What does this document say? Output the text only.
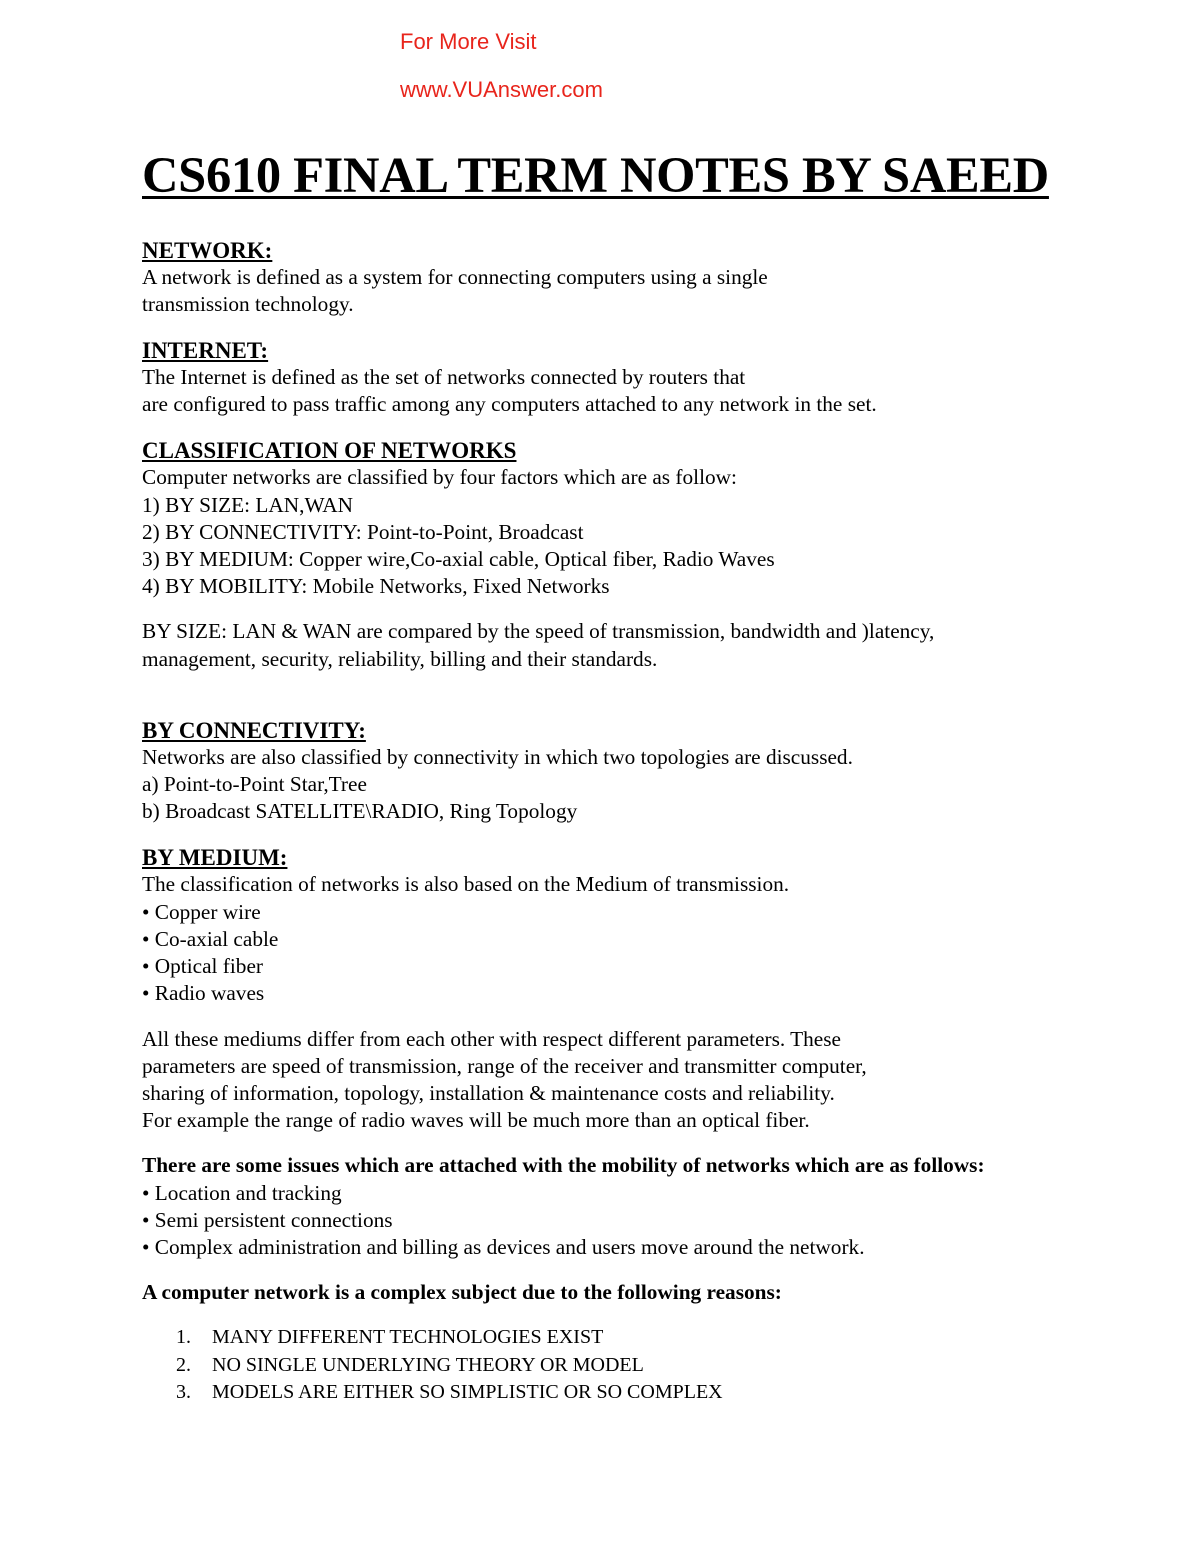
For More Visit
www.VUAnswer.com
CS610 FINAL TERM NOTES BY SAEED

NETWORK:

A network is defined as a system for connecting computers using a single

transmission technology.

INTERNET:

The Internet is defined as the set of networks connected by routers that

are configured to pass traffic among any computers attached to any network in the set.

CLASSIFICATION OF NETWORKS

Computer networks are classified by four factors which are as follow:

1) BY SIZE: LAN,WAN

2) BY CONNECTIVITY: Point-to-Point, Broadcast

3) BY MEDIUM: Copper wire,Co-axial cable, Optical fiber, Radio Waves

4) BY MOBILITY: Mobile Networks, Fixed Networks

BY SIZE: LAN & WAN are compared by the speed of transmission, bandwidth and )latency,

management, security, reliability, billing and their standards.

BY CONNECTIVITY:

Networks are also classified by connectivity in which two topologies are discussed.

a) Point-to-Point Star,Tree

b) Broadcast SATELLITE\RADIO, Ring Topology

BY MEDIUM:

The classification of networks is also based on the Medium of transmission.

• Copper wire

• Co-axial cable

• Optical fiber

• Radio waves

All these mediums differ from each other with respect different parameters. These

parameters are speed of transmission, range of the receiver and transmitter computer,

sharing of information, topology, installation & maintenance costs and reliability.

For example the range of radio waves will be much more than an optical fiber.

There are some issues which are attached with the mobility of networks which are as follows:

• Location and tracking

• Semi persistent connections

• Complex administration and billing as devices and users move around the network.

A computer network is a complex subject due to the following reasons:

1. MANY DIFFERENT TECHNOLOGIES EXIST
2. NO SINGLE UNDERLYING THEORY OR MODEL
3. MODELS ARE EITHER SO SIMPLISTIC OR SO COMPLEX
